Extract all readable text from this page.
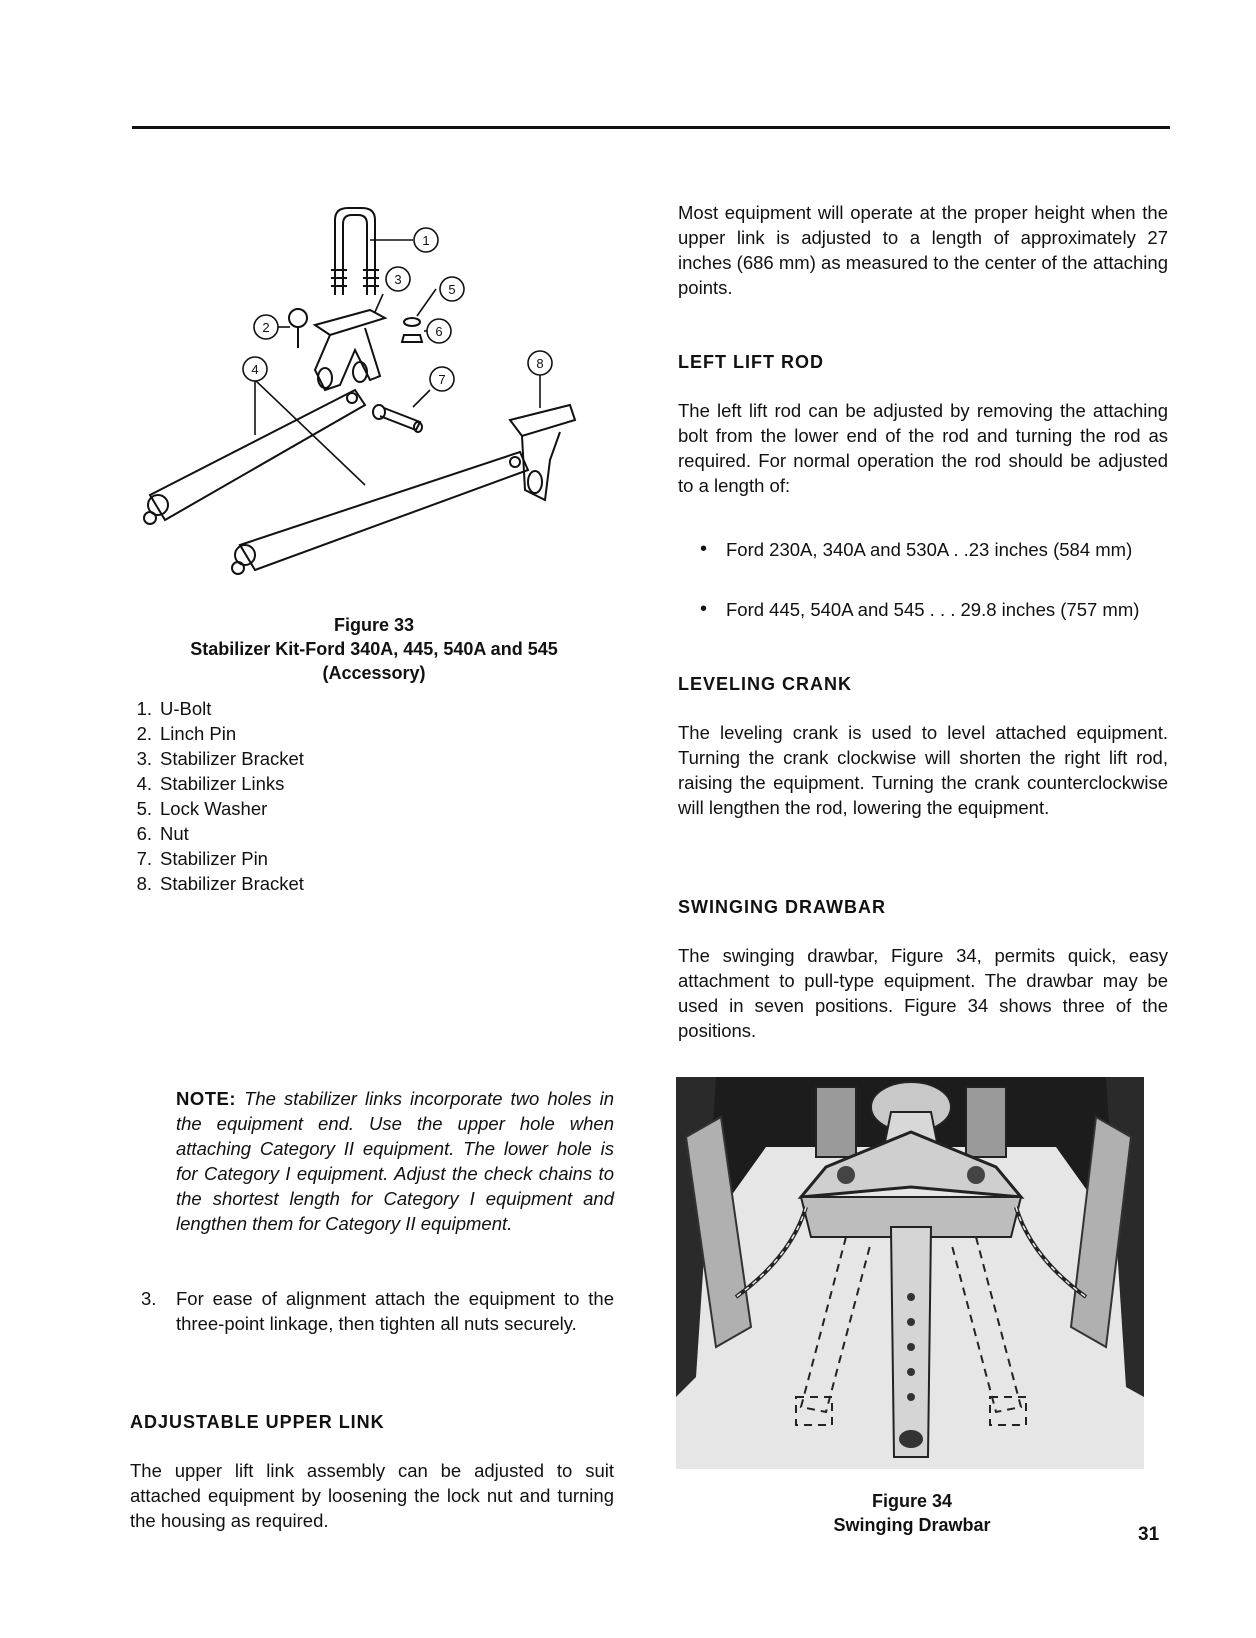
1
2
3
5
6
4
7
8
Figure 33
Stabilizer Kit-Ford 340A, 445, 540A and 545
(Accessory)
1. U-Bolt
2. Linch Pin
3. Stabilizer Bracket
4. Stabilizer Links
5. Lock Washer
6. Nut
7. Stabilizer Pin
8. Stabilizer Bracket
NOTE: The stabilizer links incorporate two holes in the equipment end. Use the upper hole when attaching Category II equipment. The lower hole is for Category I equipment. Adjust the check chains to the shortest length for Category I equipment and lengthen them for Category II equipment.
3.	For ease of alignment attach the equipment to the three-point linkage, then tighten all nuts securely.
ADJUSTABLE UPPER LINK

The upper lift link assembly can be adjusted to suit attached equipment by loosening the lock nut and turning the housing as required.

Most equipment will operate at the proper height when the upper link is adjusted to a length of approximately 27 inches (686 mm) as measured to the center of the attaching points.

LEFT LIFT ROD

The left lift rod can be adjusted by removing the attaching bolt from the lower end of the rod and turning the rod as required. For normal operation the rod should be adjusted to a length of:

•	Ford 230A, 340A and 530A . .23 inches (584 mm)
•	Ford 445, 540A and 545 . . . 29.8 inches (757 mm)
LEVELING CRANK

The leveling crank is used to level attached equipment. Turning the crank clockwise will shorten the right lift rod, raising the equipment. Turning the crank counterclockwise will lengthen the rod, lowering the equipment.

SWINGING DRAWBAR

The swinging drawbar, Figure 34, permits quick, easy attachment to pull-type equipment. The drawbar may be used in seven positions. Figure 34 shows three of the positions.

Figure 34
Swinging Drawbar	31
